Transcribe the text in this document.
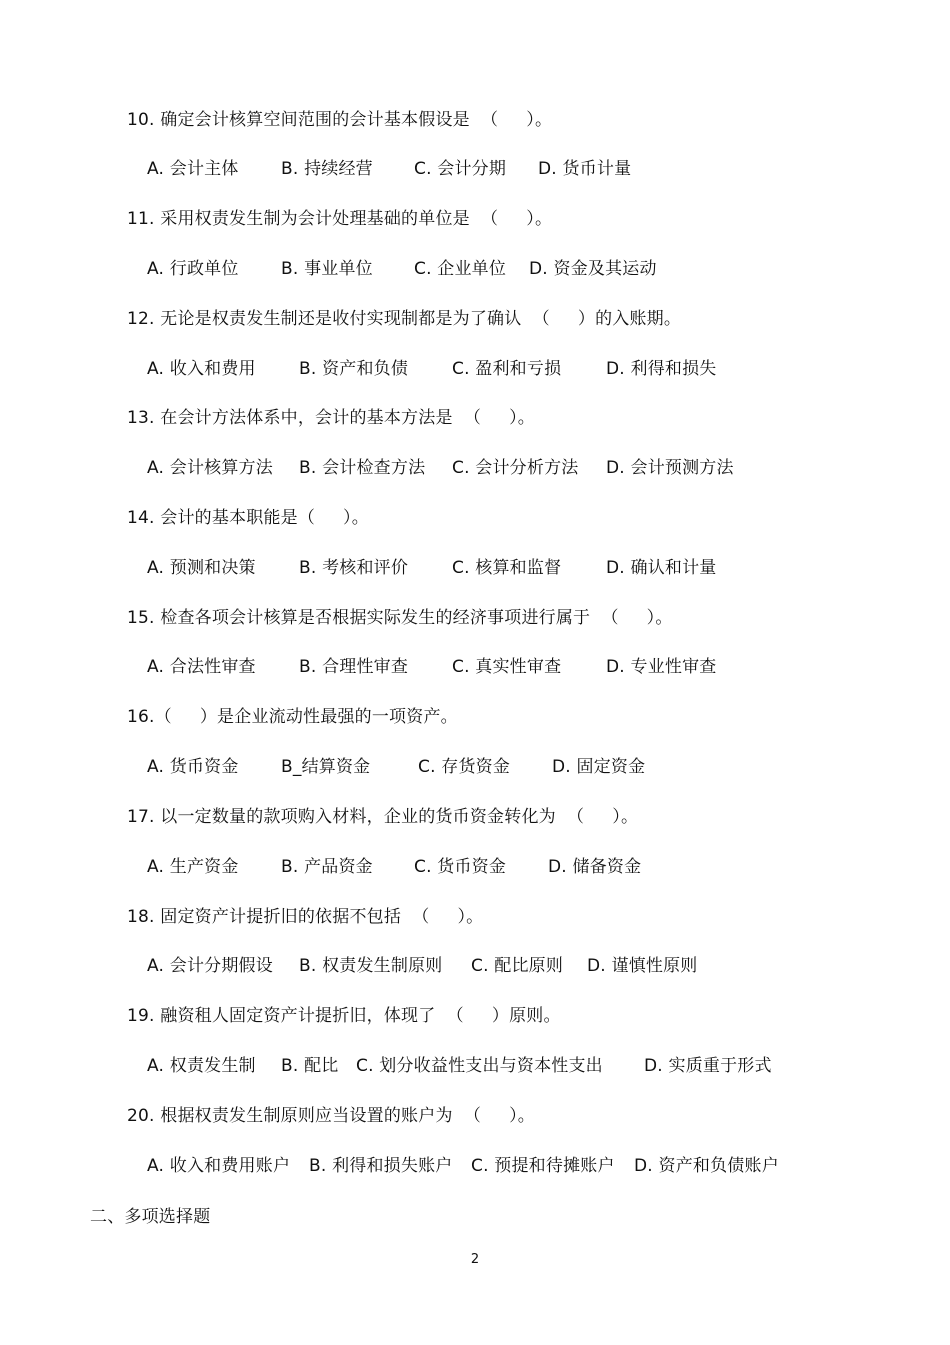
10. 确定会计核算空间范围的会计基本假设是  （     ）。

A. 会计主体

B. 持续经营

C. 会计分期

D. 货币计量

11. 采用权责发生制为会计处理基础的单位是  （     ）。

A. 行政单位

B. 事业单位

C. 企业单位

D. 资金及其运动

12. 无论是权责发生制还是收付实现制都是为了确认  （     ）的入账期。

A. 收入和费用

	B. 资产和负债

	C. 盈利和亏损

	D. 利得和损失

13. 在会计方法体系中，会计的基本方法是  （     ）。

A. 会计核算方法

B. 会计检查方法

C. 会计分析方法

D. 会计预测方法

14. 会计的基本职能是（     ）。

A. 预测和决策

	B. 考核和评价

	C. 核算和监督

	D. 确认和计量

15. 检查各项会计核算是否根据实际发生的经济事项进行属于  （     ）。

A. 合法性审查

	B. 合理性审查

	C. 真实性审查

	D. 专业性审查

16.（     ）是企业流动性最强的一项资产。

A. 货币资金

B_结算资金

	C. 存货资金

D. 固定资金

17. 以一定数量的款项购入材料，企业的货币资金转化为  （     ）。

A. 生产资金

B. 产品资金

C. 货币资金

D. 储备资金

18. 固定资产计提折旧的依据不包括  （     ）。

A. 会计分期假设

B. 权责发生制原则

C. 配比原则

D. 谨慎性原则

19. 融资租人固定资产计提折旧，体现了  （     ）原则。

A. 权责发生制

B. 配比

C. 划分收益性支出与资本性支出

D. 实质重于形式

20. 根据权责发生制原则应当设置的账户为  （     ）。

A. 收入和费用账户

B. 利得和损失账户

C. 预提和待摊账户

D. 资产和负债账户

二、多项选择题
2
